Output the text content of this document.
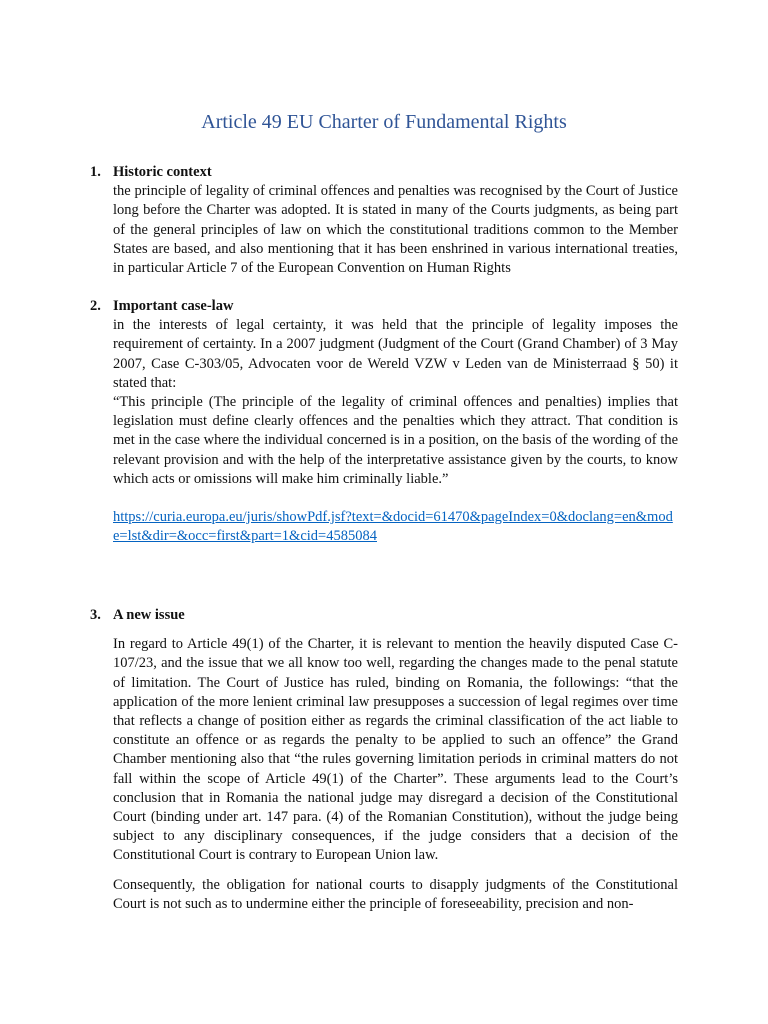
Article 49 EU Charter of Fundamental Rights
1. Historic context

the principle of legality of criminal offences and penalties was recognised by the Court of Justice long before the Charter was adopted. It is stated in many of the Courts judgments, as being part of the general principles of law on which the constitutional traditions common to the Member States are based, and also mentioning that it has been enshrined in various international treaties, in particular Article 7 of the European Convention on Human Rights

2. Important case-law

in the interests of legal certainty, it was held that the principle of legality imposes the requirement of certainty. In a 2007 judgment (Judgment of the Court (Grand Chamber) of 3 May 2007, Case C-303/05, Advocaten voor de Wereld VZW v Leden van de Ministerraad § 50) it stated that:

“This principle (The principle of the legality of criminal offences and penalties) implies that legislation must define clearly offences and the penalties which they attract. That condition is met in the case where the individual concerned is in a position, on the basis of the wording of the relevant provision and with the help of the interpretative assistance given by the courts, to know which acts or omissions will make him criminally liable.”

https://curia.europa.eu/juris/showPdf.jsf?text=&docid=61470&pageIndex=0&doclang=en&mode=lst&dir=&occ=first&part=1&cid=4585084
3. A new issue

In regard to Article 49(1) of the Charter, it is relevant to mention the heavily disputed Case C-107/23, and the issue that we all know too well, regarding the changes made to the penal statute of limitation. The Court of Justice has ruled, binding on Romania, the followings: “that the application of the more lenient criminal law presupposes a succession of legal regimes over time that reflects a change of position either as regards the criminal classification of the act liable to constitute an offence or as regards the penalty to be applied to such an offence” the Grand Chamber mentioning also that “the rules governing limitation periods in criminal matters do not fall within the scope of Article 49(1) of the Charter”. These arguments lead to the Court’s conclusion that in Romania the national judge may disregard a decision of the Constitutional Court (binding under art. 147 para. (4) of the Romanian Constitution), without the judge being subject to any disciplinary consequences, if the judge considers that a decision of the Constitutional Court is contrary to European Union law.

Consequently, the obligation for national courts to disapply judgments of the Constitutional Court is not such as to undermine either the principle of foreseeability, precision and non-
